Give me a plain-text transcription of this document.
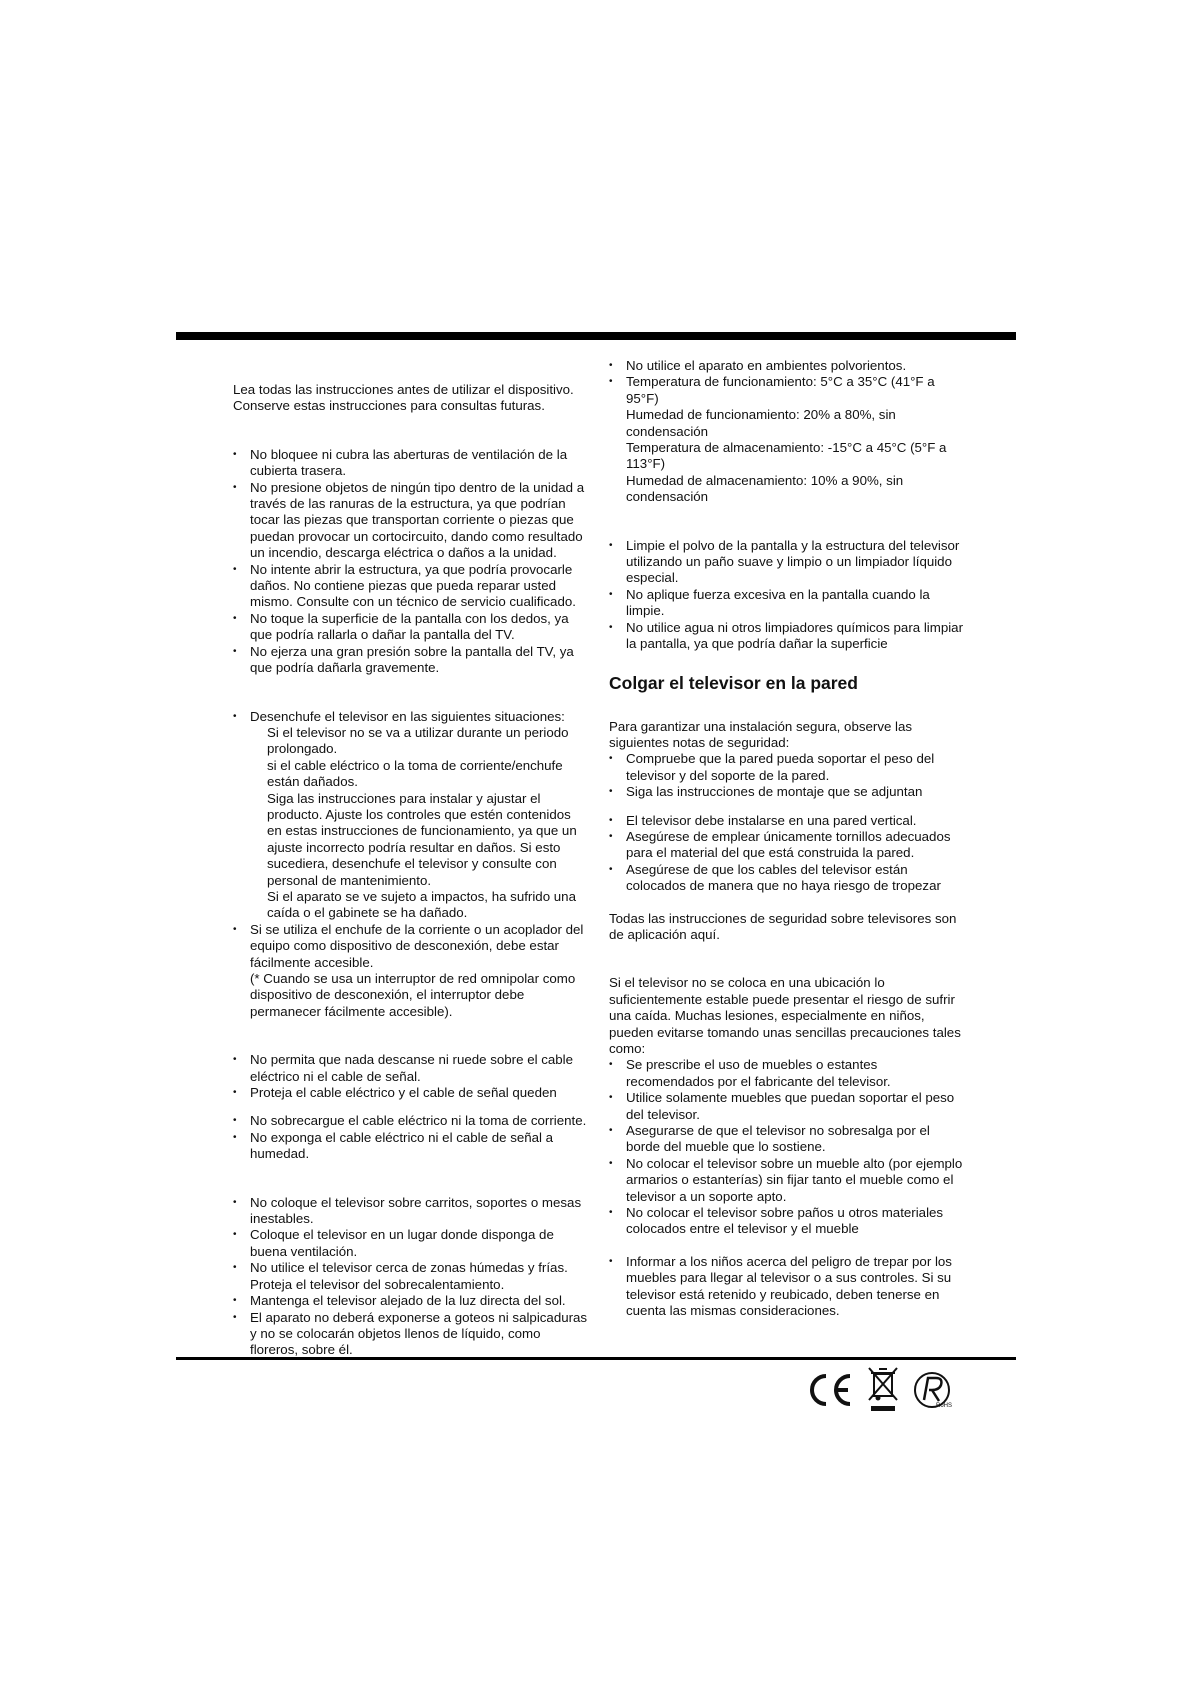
Lea todas las instrucciones antes de utilizar el dispositivo. Conserve estas instrucciones para consultas futuras.

• No bloquee ni cubra las aberturas de ventilación de la cubierta trasera.
• No presione objetos de ningún tipo dentro de la unidad a través de las ranuras de la estructura, ya que podrían tocar las piezas que transportan corriente o piezas que puedan provocar un cortocircuito, dando como resultado un incendio, descarga eléctrica o daños a la unidad.
• No intente abrir la estructura, ya que podría provocarle daños. No contiene piezas que pueda reparar usted mismo. Consulte con un técnico de servicio cualificado.
• No toque la superficie de la pantalla con los dedos, ya que podría rallarla o dañar la pantalla del TV.
• No ejerza una gran presión sobre la pantalla del TV, ya que podría dañarla gravemente.
• Desenchufe el televisor en las siguientes situaciones:
Si el televisor no se va a utilizar durante un periodo prolongado.
si el cable eléctrico o la toma de corriente/enchufe están dañados.
Siga las instrucciones para instalar y ajustar el producto. Ajuste los controles que estén contenidos en estas instrucciones de funcionamiento, ya que un ajuste incorrecto podría resultar en daños. Si esto sucediera, desenchufe el televisor y consulte con personal de mantenimiento.
Si el aparato se ve sujeto a impactos, ha sufrido una caída o el gabinete se ha dañado.
• Si se utiliza el enchufe de la corriente o un acoplador del equipo como dispositivo de desconexión, debe estar fácilmente accesible.
(* Cuando se usa un interruptor de red omnipolar como dispositivo de desconexión, el interruptor debe permanecer fácilmente accesible).
• No permita que nada descanse ni ruede sobre el cable eléctrico ni el cable de señal.
• Proteja el cable eléctrico y el cable de señal queden
• No sobrecargue el cable eléctrico ni la toma de corriente.
• No exponga el cable eléctrico ni el cable de señal a humedad.
• No coloque el televisor sobre carritos, soportes o mesas inestables.
• Coloque el televisor en un lugar donde disponga de buena ventilación.
• No utilice el televisor cerca de zonas húmedas y frías. Proteja el televisor del sobrecalentamiento.
• Mantenga el televisor alejado de la luz directa del sol.
• El aparato no deberá exponerse a goteos ni salpicaduras y no se colocarán objetos llenos de líquido, como floreros, sobre él.
• No utilice el aparato en ambientes polvorientos.
• Temperatura de funcionamiento: 5°C a 35°C (41°F a 95°F)
Humedad de funcionamiento: 20% a 80%, sin condensación
Temperatura de almacenamiento: -15°C a 45°C (5°F a 113°F)
Humedad de almacenamiento: 10% a 90%, sin condensación
• Limpie el polvo de la pantalla y la estructura del televisor utilizando un paño suave y limpio o un limpiador líquido especial.
• No aplique fuerza excesiva en la pantalla cuando la limpie.
• No utilice agua ni otros limpiadores químicos para limpiar la pantalla, ya que podría dañar la superficie
Colgar el televisor en la pared

Para garantizar una instalación segura, observe las siguientes notas de seguridad:

• Compruebe que la pared pueda soportar el peso del televisor y del soporte de la pared.
• Siga las instrucciones de montaje que se adjuntan
• El televisor debe instalarse en una pared vertical.
• Asegúrese de emplear únicamente tornillos adecuados para el material del que está construida la pared.
• Asegúrese de que los cables del televisor están colocados de manera que no haya riesgo de tropezar

Todas las instrucciones de seguridad sobre televisores son de aplicación aquí.

Si el televisor no se coloca en una ubicación lo suficientemente estable puede presentar el riesgo de sufrir una caída. Muchas lesiones, especialmente en niños, pueden evitarse tomando unas sencillas precauciones tales como:

• Se prescribe el uso de muebles o estantes recomendados por el fabricante del televisor.
• Utilice solamente muebles que puedan soportar el peso del televisor.
• Asegurarse de que el televisor no sobresalga por el borde del mueble que lo sostiene.
• No colocar el televisor sobre un mueble alto (por ejemplo armarios o estanterías) sin fijar tanto el mueble como el televisor a un soporte apto.
• No colocar el televisor sobre paños u otros materiales colocados entre el televisor y el mueble
• Informar a los niños acerca del peligro de trepar por los muebles para llegar al televisor o a sus controles. Si su televisor está retenido y reubicado, deben tenerse en cuenta las mismas consideraciones.
RoHS
